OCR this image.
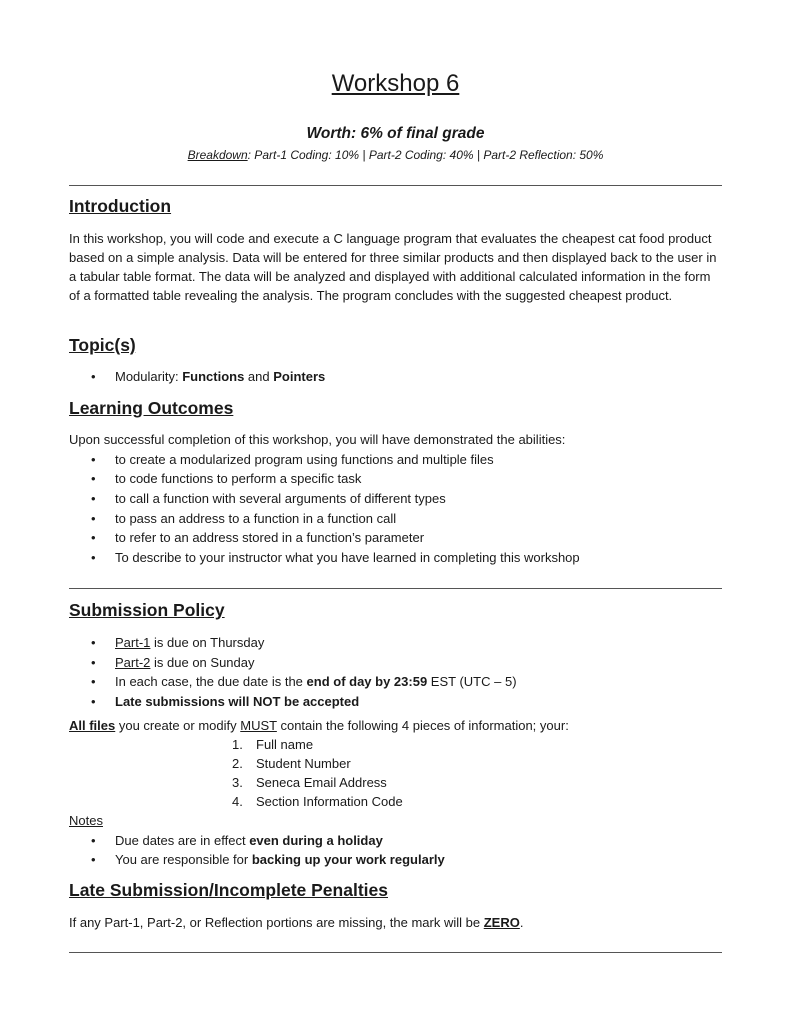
Workshop 6
Worth: 6% of final grade
Breakdown: Part-1 Coding: 10% | Part-2 Coding: 40% | Part-2 Reflection: 50%
Introduction
In this workshop, you will code and execute a C language program that evaluates the cheapest cat food product based on a simple analysis. Data will be entered for three similar products and then displayed back to the user in a tabular table format. The data will be analyzed and displayed with additional calculated information in the form of a formatted table revealing the analysis. The program concludes with the suggested cheapest product.
Topic(s)
• Modularity: Functions and Pointers
Learning Outcomes
Upon successful completion of this workshop, you will have demonstrated the abilities:
• to create a modularized program using functions and multiple files
• to code functions to perform a specific task
• to call a function with several arguments of different types
• to pass an address to a function in a function call
• to refer to an address stored in a function’s parameter
• To describe to your instructor what you have learned in completing this workshop
Submission Policy
• Part-1 is due on Thursday
• Part-2 is due on Sunday
• In each case, the due date is the end of day by 23:59 EST (UTC – 5)
• Late submissions will NOT be accepted
All files you create or modify MUST contain the following 4 pieces of information; your:
1. Full name
2. Student Number
3. Seneca Email Address
4. Section Information Code
Notes
• Due dates are in effect even during a holiday
• You are responsible for backing up your work regularly
Late Submission/Incomplete Penalties
If any Part-1, Part-2, or Reflection portions are missing, the mark will be ZERO.
